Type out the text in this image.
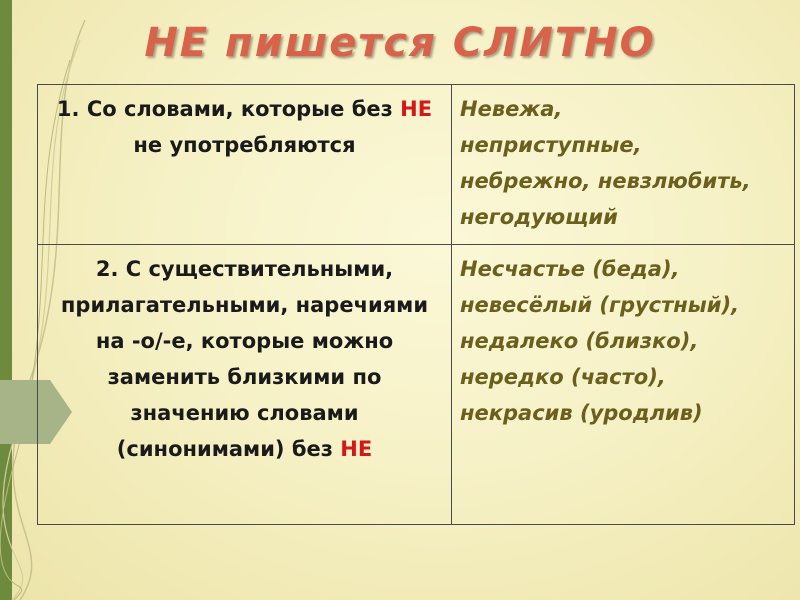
НЕ пишется СЛИТНО
1. Со словами, которые без НЕ не употребляются	Невежа,
неприступные,
небрежно, невзлюбить,
негодующий

2. С существительными, прилагательными, наречиями на -о/-е, которые можно заменить близкими по значению словами (синонимами) без НЕ	Несчастье (беда),
невесёлый (грустный),
недалеко (близко),
нередко (часто),
некрасив (уродлив)
